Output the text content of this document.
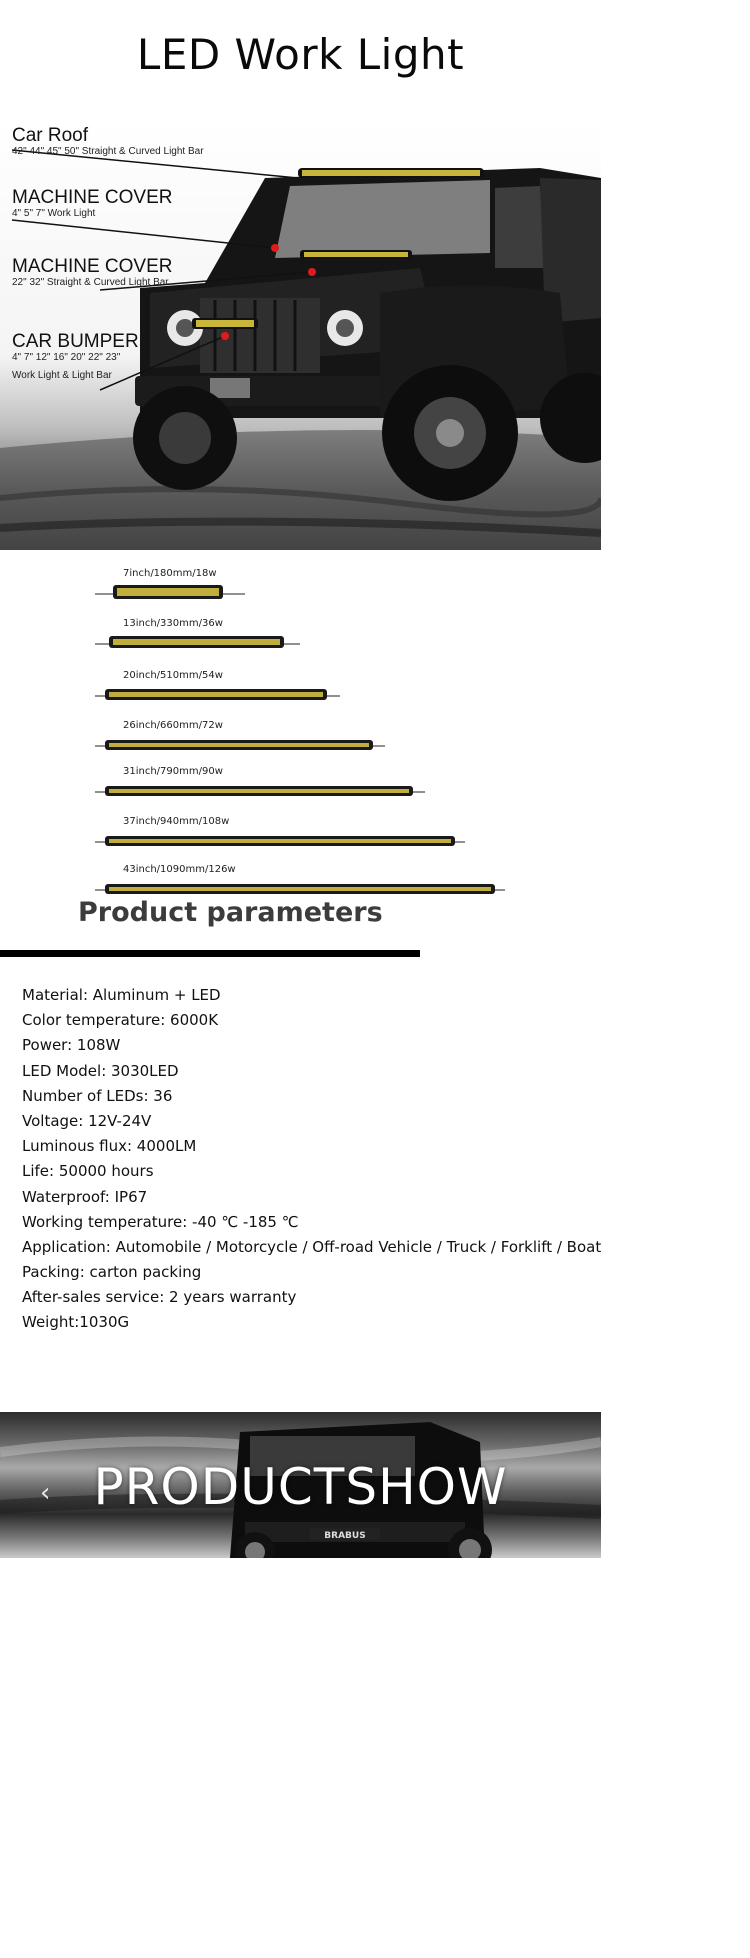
LED Work Light
Car Roof
42" 44" 45" 50" Straight & Curved Light Bar
MACHINE COVER
4" 5" 7" Work Light
MACHINE COVER
22" 32" Straight & Curved Light Bar
CAR BUMPER
4" 7" 12" 16" 20" 22" 23"
Work Light & Light Bar
7inch/180mm/18w
13inch/330mm/36w
20inch/510mm/54w
26inch/660mm/72w
31inch/790mm/90w
37inch/940mm/108w
43inch/1090mm/126w
Product parameters
Material: Aluminum + LED
Color temperature: 6000K
Power: 108W
LED Model: 3030LED
Number of LEDs: 36
Voltage: 12V-24V
Luminous flux: 4000LM
Life: 50000 hours
Waterproof: IP67
Working temperature: -40 ℃ -185 ℃
Application: Automobile / Motorcycle / Off-road Vehicle / Truck / Forklift / Boat
Packing: carton packing
After-sales service: 2 years warranty
Weight:1030G
BRABUS
‹ PRODUCTSHOW
